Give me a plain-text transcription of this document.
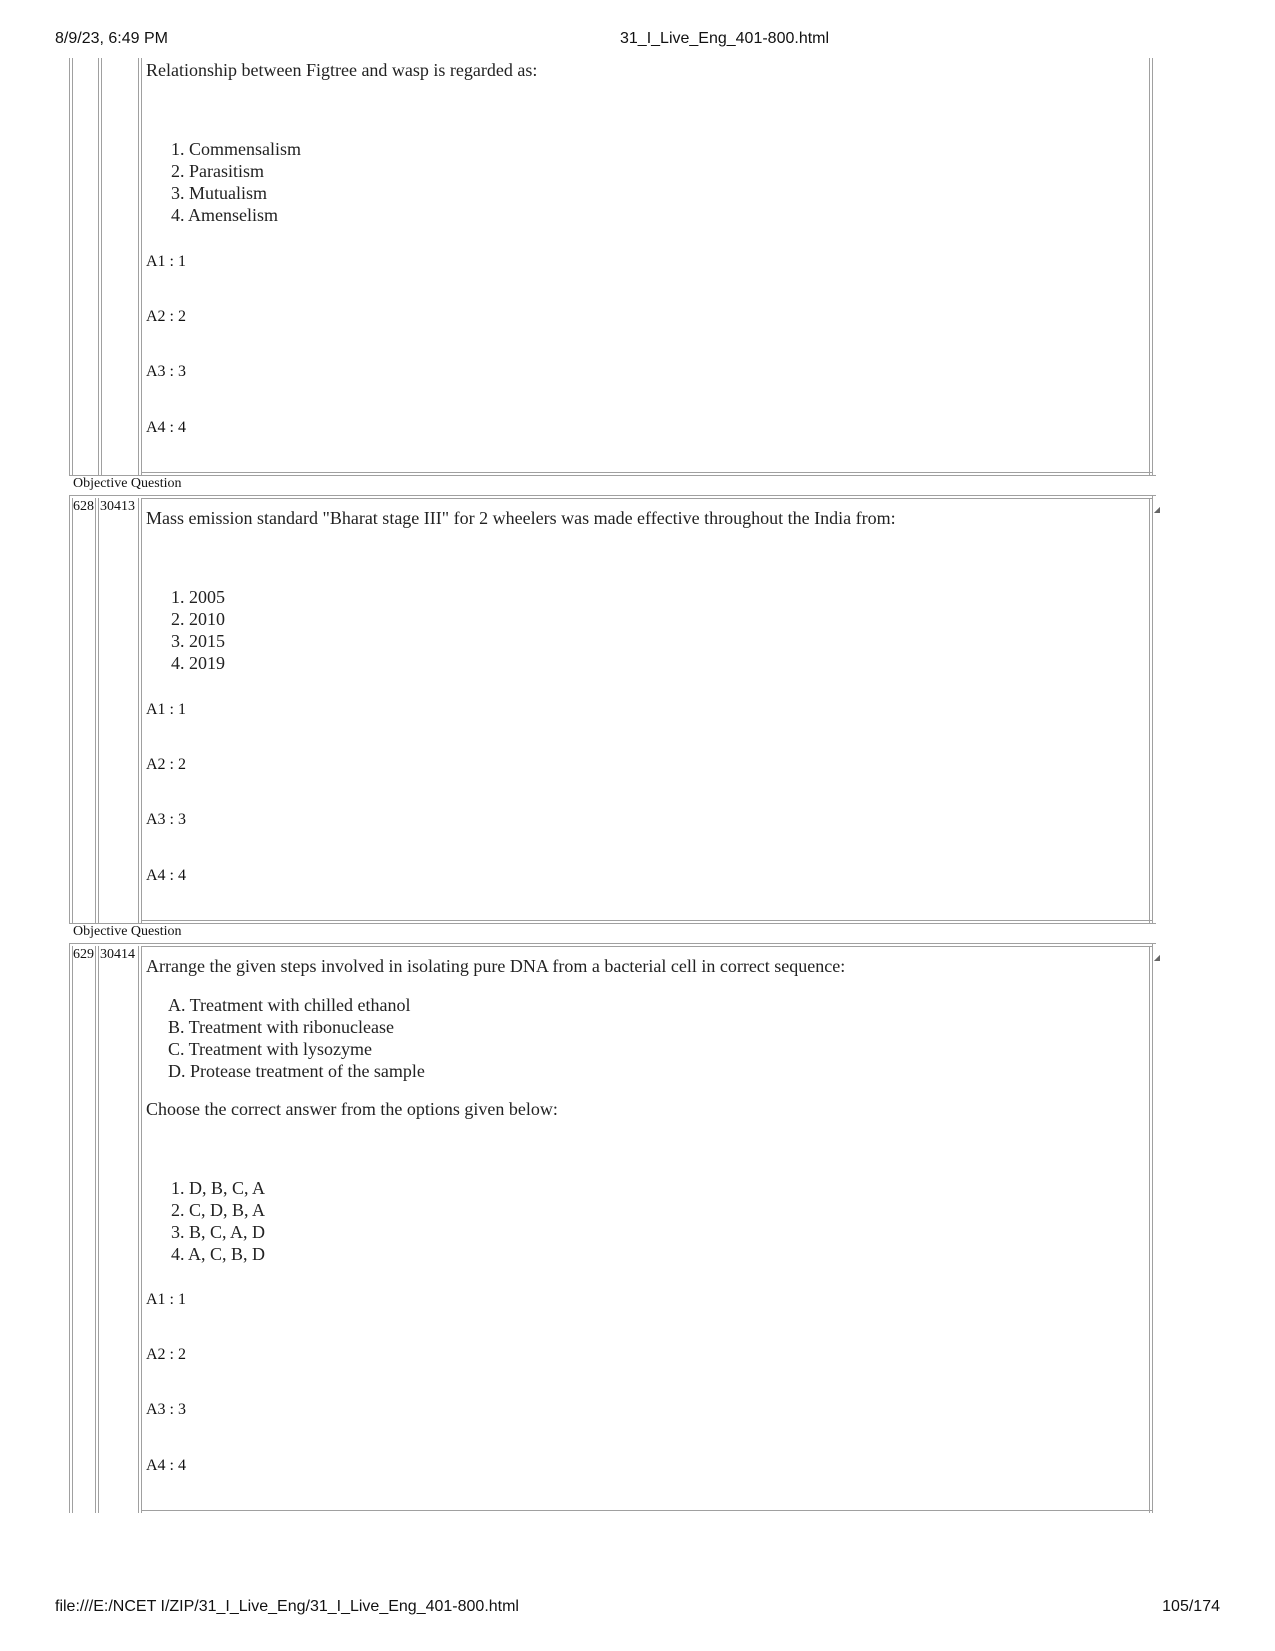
8/9/23, 6:49 PM	31_I_Live_Eng_401-800.html

Relationship between Figtree and wasp is regarded as:

1. Commensalism
2. Parasitism
3. Mutualism
4. Amenselism
A1 : 1
A2 : 2
A3 : 3
A4 : 4
Objective Question
628 30413	◢

Mass emission standard "Bharat stage III" for 2 wheelers was made effective throughout the India from:

1. 2005
2. 2010
3. 2015
4. 2019
A1 : 1
A2 : 2
A3 : 3
A4 : 4
Objective Question
629 30414	◢

Arrange the given steps involved in isolating pure DNA from a bacterial cell in correct sequence:

A. Treatment with chilled ethanol
B. Treatment with ribonuclease
C. Treatment with lysozyme
D. Protease treatment of the sample

Choose the correct answer from the options given below:

1. D, B, C, A
2. C, D, B, A
3. B, C, A, D
4. A, C, B, D
A1 : 1
A2 : 2
A3 : 3
A4 : 4
file:///E:/NCET I/ZIP/31_I_Live_Eng/31_I_Live_Eng_401-800.html	105/174
